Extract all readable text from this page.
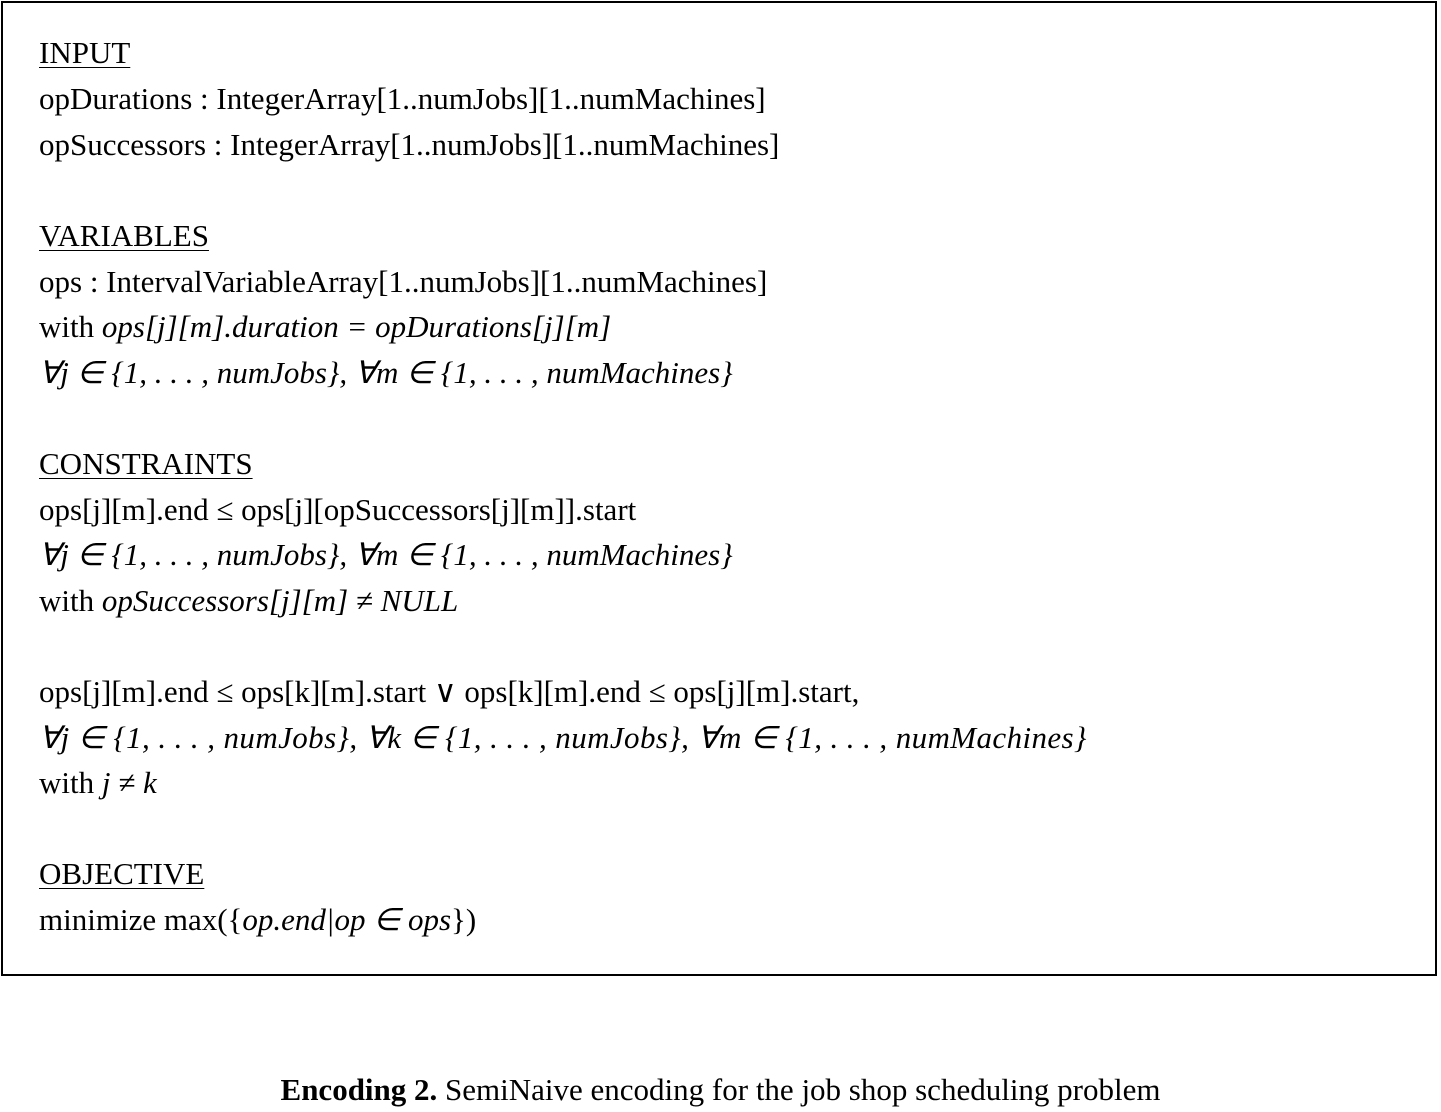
INPUT
opDurations : IntegerArray[1..numJobs][1..numMachines]
opSuccessors : IntegerArray[1..numJobs][1..numMachines]
VARIABLES
ops : IntervalVariableArray[1..numJobs][1..numMachines]
with ops[j][m].duration = opDurations[j][m]
∀j ∈ {1, . . . , numJobs}, ∀m ∈ {1, . . . , numMachines}
CONSTRAINTS
ops[j][m].end ≤ ops[j][opSuccessors[j][m]].start
∀j ∈ {1, . . . , numJobs}, ∀m ∈ {1, . . . , numMachines}
with opSuccessors[j][m] ≠ NULL
ops[j][m].end ≤ ops[k][m].start ∨ ops[k][m].end ≤ ops[j][m].start,
∀j ∈ {1, . . . , numJobs}, ∀k ∈ {1, . . . , numJobs}, ∀m ∈ {1, . . . , numMachines}
with j ≠ k
OBJECTIVE
minimize max({op.end|op ∈ ops})
Encoding 2. SemiNaive encoding for the job shop scheduling problem
